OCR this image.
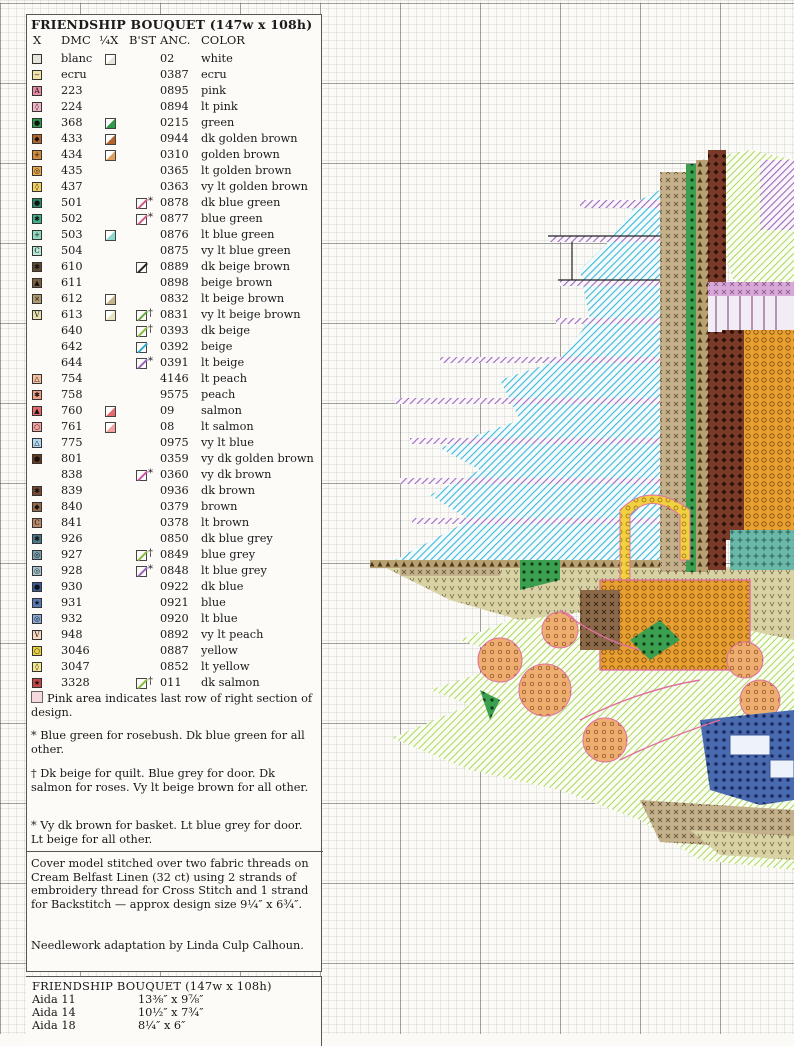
FRIENDSHIP BOUQUET (147w x 108h)
X DMC ¼X B'ST ANC. COLOR
blanc	02 white
− ecru	0387 ecru
A 223	0895 pink
◊ 224	0894 lt pink
● 368	0215 green
◆ 433	0944 dk golden brown
+ 434	0310 golden brown
◎ 435	0365 lt golden brown
◊ 437	0363 vy lt golden brown
● 501	* 0878 dk blue green
✱ 502	* 0877 blue green
+ 503	0876 lt blue green
C 504	0875 vy lt blue green
✱ 610	0889 dk beige brown
▲ 611	0898 beige brown
× 612	0832 lt beige brown
V 613	† 0831 vy lt beige brown
640	† 0393 dk beige
642	0392 beige
644	* 0391 lt beige
△ 754	4146 lt peach
✱ 758	9575 peach
▲ 760	09 salmon
○ 761	08 lt salmon
△ 775	0975 vy lt blue
● 801	0359 vy dk golden brown
838	* 0360 vy dk brown
✱ 839	0936 dk brown
◆ 840	0379 brown
C 841	0378 lt brown
✱ 926	0850 dk blue grey
◎ 927	† 0849 blue grey
◎ 928	* 0848 lt blue grey
● 930	0922 dk blue
★ 931	0921 blue
◎ 932	0920 lt blue
V 948	0892 vy lt peach
○ 3046	0887 yellow
◊ 3047	0852 lt yellow
★ 3328	† 011 dk salmon
Pink area indicates last row of right section of design.
* Blue green for rosebush. Dk blue green for all other.
† Dk beige for quilt. Blue grey for door. Dk salmon for roses. Vy lt beige brown for all other.
* Vy dk brown for basket. Lt blue grey for door. Lt beige for all other.
Cover model stitched over two fabric threads on Cream Belfast Linen (32 ct) using 2 strands of embroidery thread for Cross Stitch and 1 strand for Backstitch — approx design size 9¼″ x 6¾″.
Needlework adaptation by Linda Culp Calhoun.
FRIENDSHIP BOUQUET (147w x 108h)
Aida 11	13⅜″ x 9⅞″
Aida 14	10½″ x 7¾″
Aida 18	8¼″ x 6″
